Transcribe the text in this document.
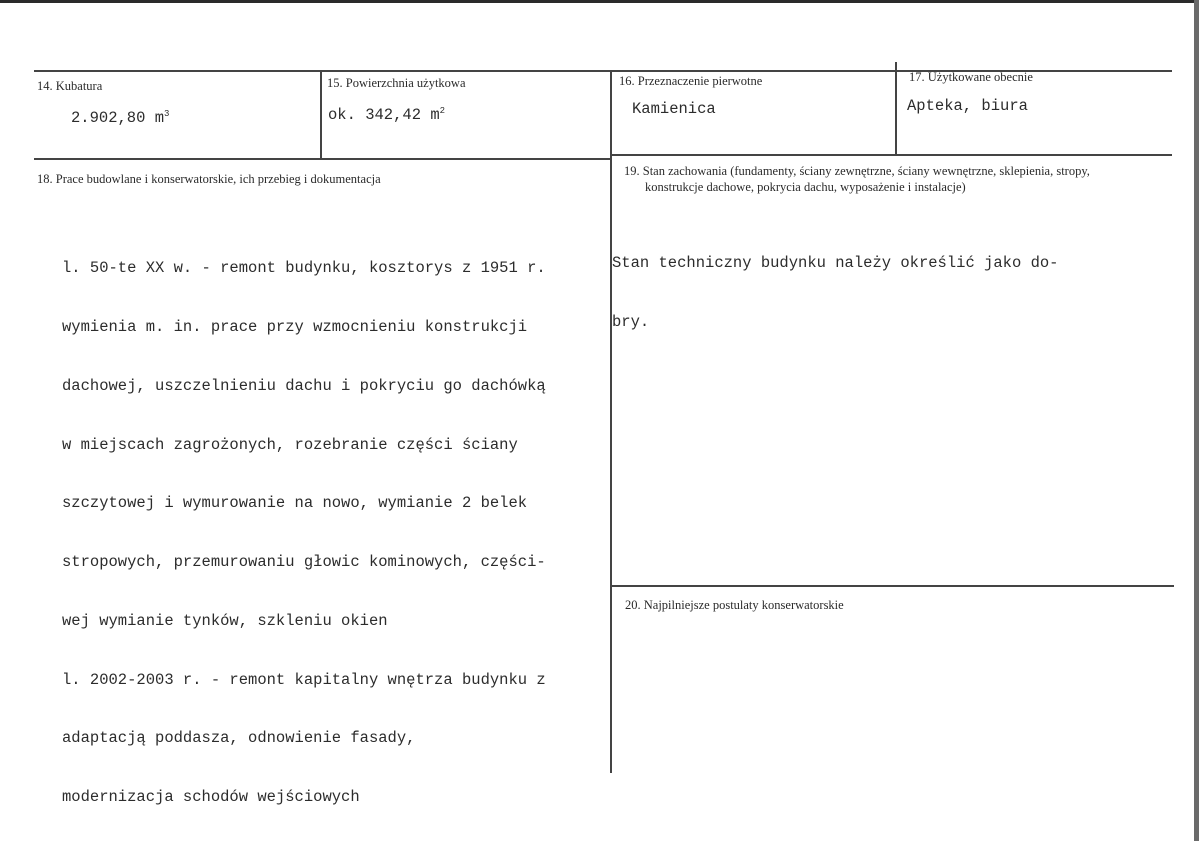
14. Kubatura
2.902,80 $m^3$
15. Powierzchnia użytkowa
ok. 342,42 $m^2$
16. Przeznaczenie pierwotne
Kamienica
17. Użytkowane obecnie
Apteka, biura
18. Prace budowlane i konserwatorskie, ich przebieg i dokumentacja

l. 50-te XX w. - remont budynku, kosztorys z 1951 r.

wymienia m. in. prace przy wzmocnieniu konstrukcji

dachowej, uszczelnieniu dachu i pokryciu go dachówką

w miejscach zagrożonych, rozebranie części ściany

szczytowej i wymurowanie na nowo, wymianie 2 belek

stropowych, przemurowaniu głowic kominowych, części-

wej wymianie tynków, szkleniu okien

l. 2002-2003 r. - remont kapitalny wnętrza budynku z

adaptacją poddasza, odnowienie fasady,

modernizacja schodów wejściowych

19. Stan zachowania (fundamenty, ściany zewnętrzne, ściany wewnętrzne, sklepienia, stropy,
konstrukcje dachowe, pokrycia dachu, wyposażenie i instalacje)

Stan techniczny budynku należy określić jako do-

bry.

20. Najpilniejsze postulaty konserwatorskie
